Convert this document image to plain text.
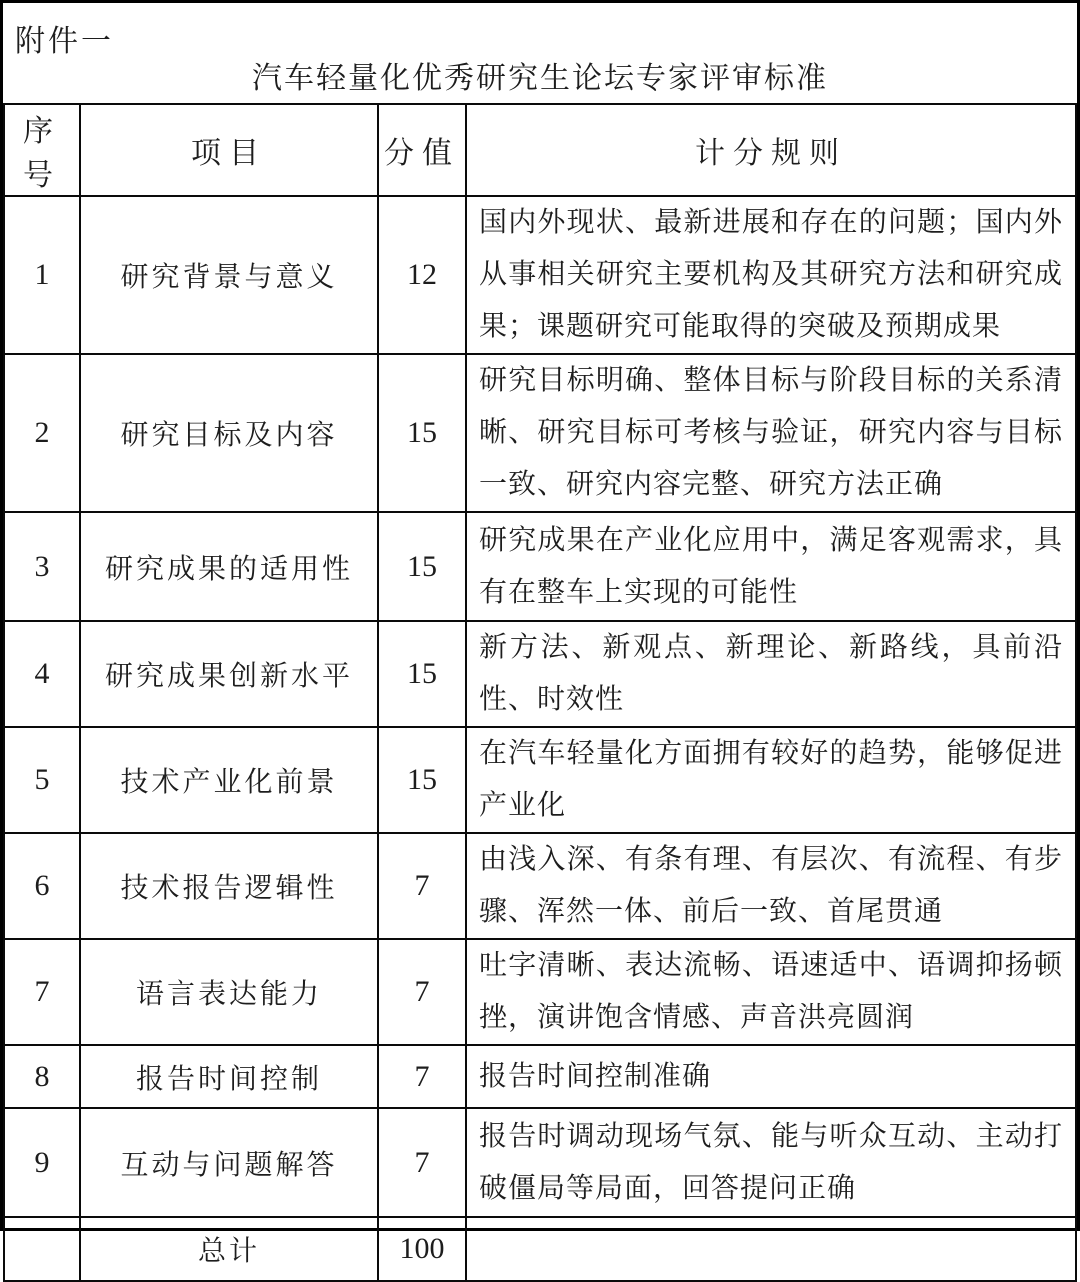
附件一
汽车轻量化优秀研究生论坛专家评审标准
序号	项目	分值	计分规则
1	研究背景与意义	12	国内外现状、最新进展和存在的问题；国内外从事相关研究主要机构及其研究方法和研究成果；课题研究可能取得的突破及预期成果
2	研究目标及内容	15	研究目标明确、整体目标与阶段目标的关系清晰、研究目标可考核与验证，研究内容与目标一致、研究内容完整、研究方法正确
3	研究成果的适用性	15	研究成果在产业化应用中，满足客观需求，具有在整车上实现的可能性
4	研究成果创新水平	15	新方法、新观点、新理论、新路线，具前沿性、时效性
5	技术产业化前景	15	在汽车轻量化方面拥有较好的趋势，能够促进产业化
6	技术报告逻辑性	7	由浅入深、有条有理、有层次、有流程、有步骤、浑然一体、前后一致、首尾贯通
7	语言表达能力	7	吐字清晰、表达流畅、语速适中、语调抑扬顿挫，演讲饱含情感、声音洪亮圆润
8	报告时间控制	7	报告时间控制准确
9	互动与问题解答	7	报告时调动现场气氛、能与听众互动、主动打破僵局等局面，回答提问正确
	总计	100	
